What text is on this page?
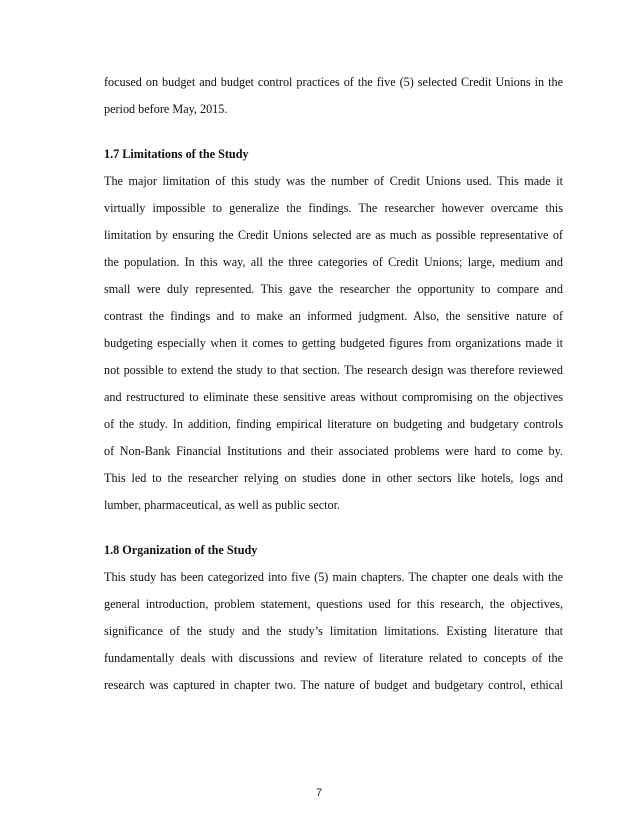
focused on budget and budget control practices of the five (5) selected Credit Unions in the

period before May, 2015.

1.7 Limitations of the Study

The major limitation of this study was the number of Credit Unions used. This made it

virtually impossible to generalize the findings. The researcher however overcame this

limitation by ensuring the Credit Unions selected are as much as possible representative of

the population. In this way, all the three categories of Credit Unions; large, medium and

small were duly represented. This gave the researcher the opportunity to compare and

contrast the findings and to make an informed judgment. Also, the sensitive nature of

budgeting especially when it comes to getting budgeted figures from organizations made it

not possible to extend the study to that section. The research design was therefore reviewed

and restructured to eliminate these sensitive areas without compromising on the objectives

of the study. In addition, finding empirical literature on budgeting and budgetary controls

of Non-Bank Financial Institutions and their associated problems were hard to come by.

This led to the researcher relying on studies done in other sectors like hotels, logs and

lumber, pharmaceutical, as well as public sector.

1.8 Organization of the Study

This study has been categorized into five (5) main chapters. The chapter one deals with the

general introduction, problem statement, questions used for this research, the objectives,

significance of the study and the study’s limitation limitations. Existing literature that

fundamentally deals with discussions and review of literature related to concepts of the

research was captured in chapter two. The nature of budget and budgetary control, ethical

7
